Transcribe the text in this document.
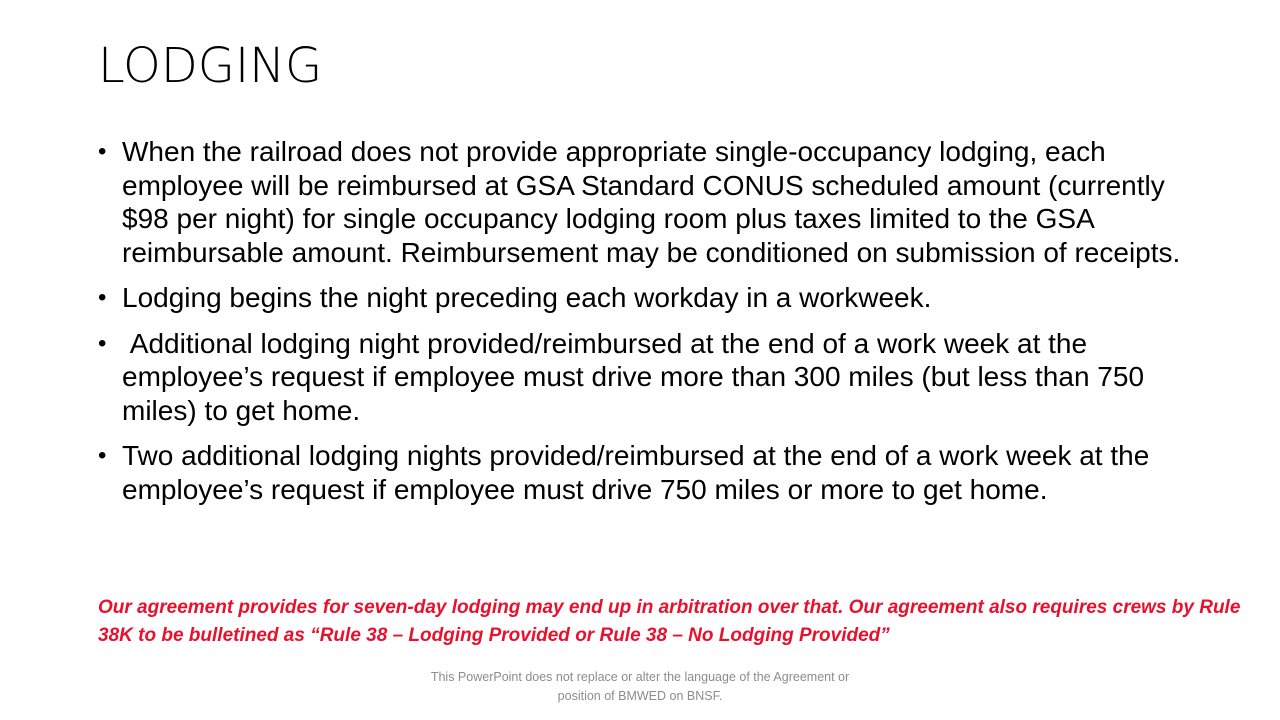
LODGING
• When the railroad does not provide appropriate single-occupancy lodging, each employee will be reimbursed at GSA Standard CONUS scheduled amount (currently $98 per night) for single occupancy lodging room plus taxes limited to the GSA reimbursable amount. Reimbursement may be conditioned on submission of receipts.
• Lodging begins the night preceding each workday in a workweek.
• Additional lodging night provided/reimbursed at the end of a work week at the employee’s request if employee must drive more than 300 miles (but less than 750 miles) to get home.
• Two additional lodging nights provided/reimbursed at the end of a work week at the employee’s request if employee must drive 750 miles or more to get home.

Our agreement provides for seven-day lodging may end up in arbitration over that. Our agreement also requires crews by Rule 38K to be bulletined as “Rule 38 – Lodging Provided or Rule 38 – No Lodging Provided”

This PowerPoint does not replace or alter the language of the Agreement or position of BMWED on BNSF.
